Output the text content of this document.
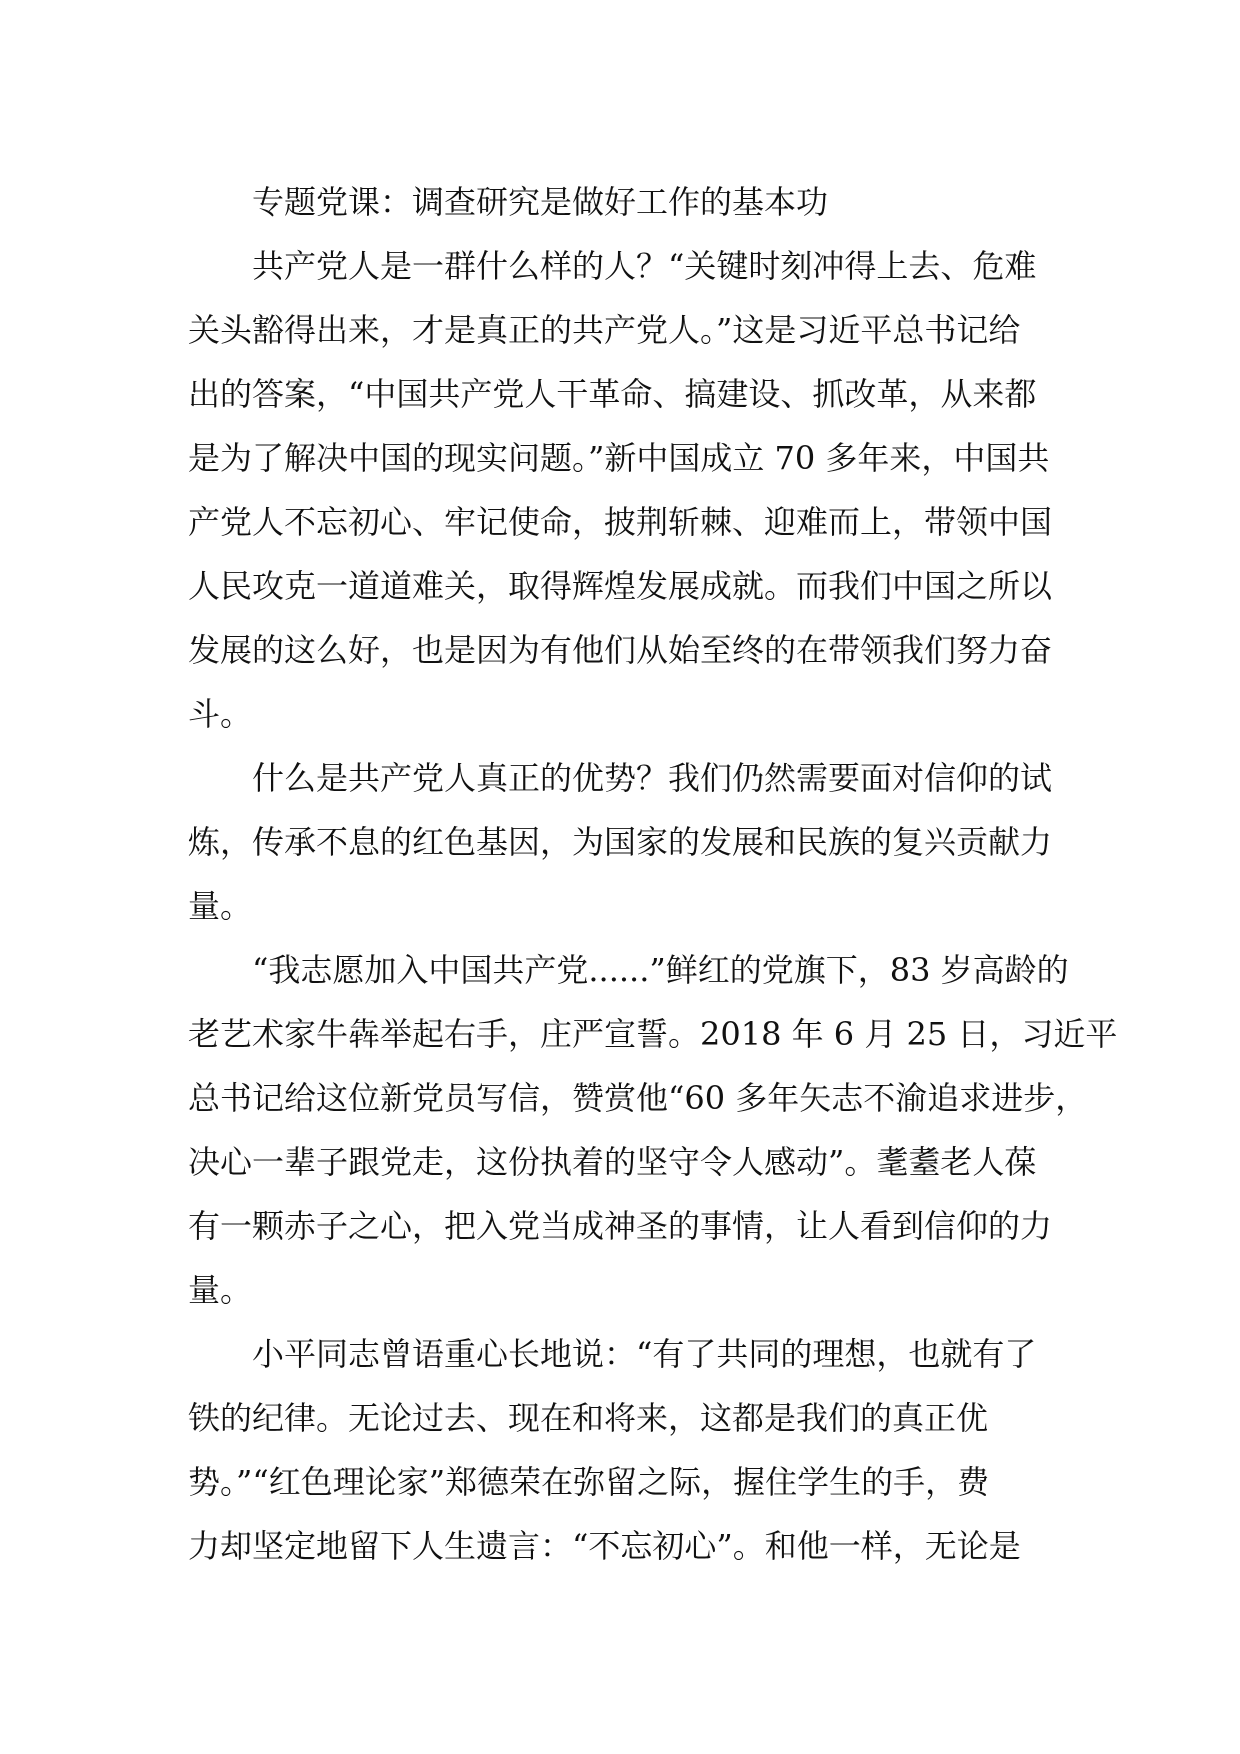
专题党课：调查研究是做好工作的基本功

共产党人是一群什么样的人？“关键时刻冲得上去、危难
关头豁得出来，才是真正的共产党人。”这是习近平总书记给
出的答案，“中国共产党人干革命、搞建设、抓改革，从来都
是为了解决中国的现实问题。”新中国成立 70 多年来，中国共
产党人不忘初心、牢记使命，披荆斩棘、迎难而上，带领中国
人民攻克一道道难关，取得辉煌发展成就。而我们中国之所以
发展的这么好，也是因为有他们从始至终的在带领我们努力奋
斗。

什么是共产党人真正的优势？我们仍然需要面对信仰的试
炼，传承不息的红色基因，为国家的发展和民族的复兴贡献力
量。

“我志愿加入中国共产党......”鲜红的党旗下，83 岁高龄的
老艺术家牛犇举起右手，庄严宣誓。2018 年 6 月 25 日，习近平
总书记给这位新党员写信，赞赏他“60 多年矢志不渝追求进步，
决心一辈子跟党走，这份执着的坚守令人感动”。耄耋老人葆
有一颗赤子之心，把入党当成神圣的事情，让人看到信仰的力
量。

小平同志曾语重心长地说：“有了共同的理想，也就有了
铁的纪律。无论过去、现在和将来，这都是我们的真正优
势。”“红色理论家”郑德荣在弥留之际，握住学生的手，费
力却坚定地留下人生遗言：“不忘初心”。和他一样，无论是
